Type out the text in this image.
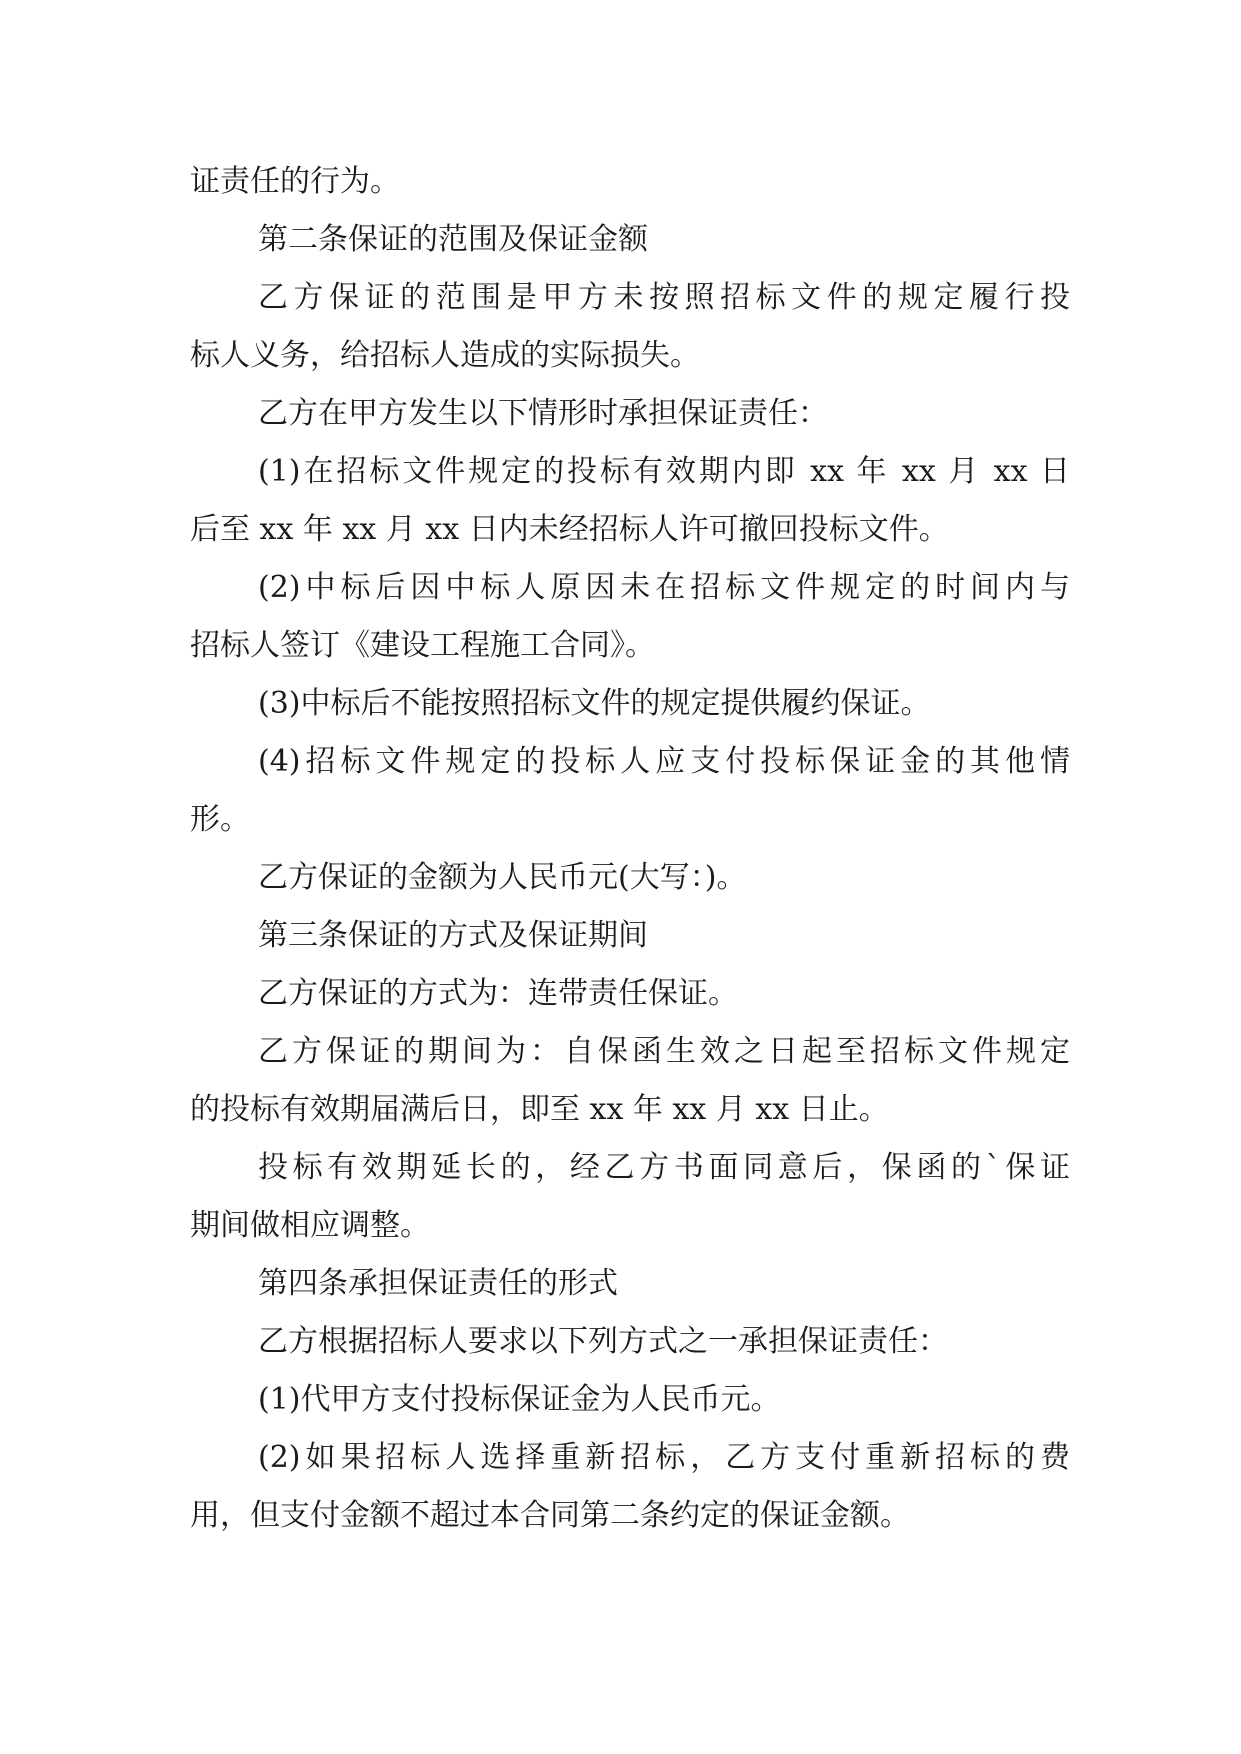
证责任的行为。
第二条保证的范围及保证金额
乙方保证的范围是甲方未按照招标文件的规定履行投
标人义务，给招标人造成的实际损失。
乙方在甲方发生以下情形时承担保证责任：
(1)在招标文件规定的投标有效期内即 xx 年 xx 月 xx 日
后至 xx 年 xx 月 xx 日内未经招标人许可撤回投标文件。
(2)中标后因中标人原因未在招标文件规定的时间内与
招标人签订《建设工程施工合同》。
(3)中标后不能按照招标文件的规定提供履约保证。
(4)招标文件规定的投标人应支付投标保证金的其他情
形。
乙方保证的金额为人民币元(大写：)。
第三条保证的方式及保证期间
乙方保证的方式为：连带责任保证。
乙方保证的期间为：自保函生效之日起至招标文件规定
的投标有效期届满后日，即至 xx 年 xx 月 xx 日止。
投标有效期延长的，经乙方书面同意后，保函的`保证
期间做相应调整。
第四条承担保证责任的形式
乙方根据招标人要求以下列方式之一承担保证责任：
(1)代甲方支付投标保证金为人民币元。
(2)如果招标人选择重新招标，乙方支付重新招标的费
用，但支付金额不超过本合同第二条约定的保证金额。
